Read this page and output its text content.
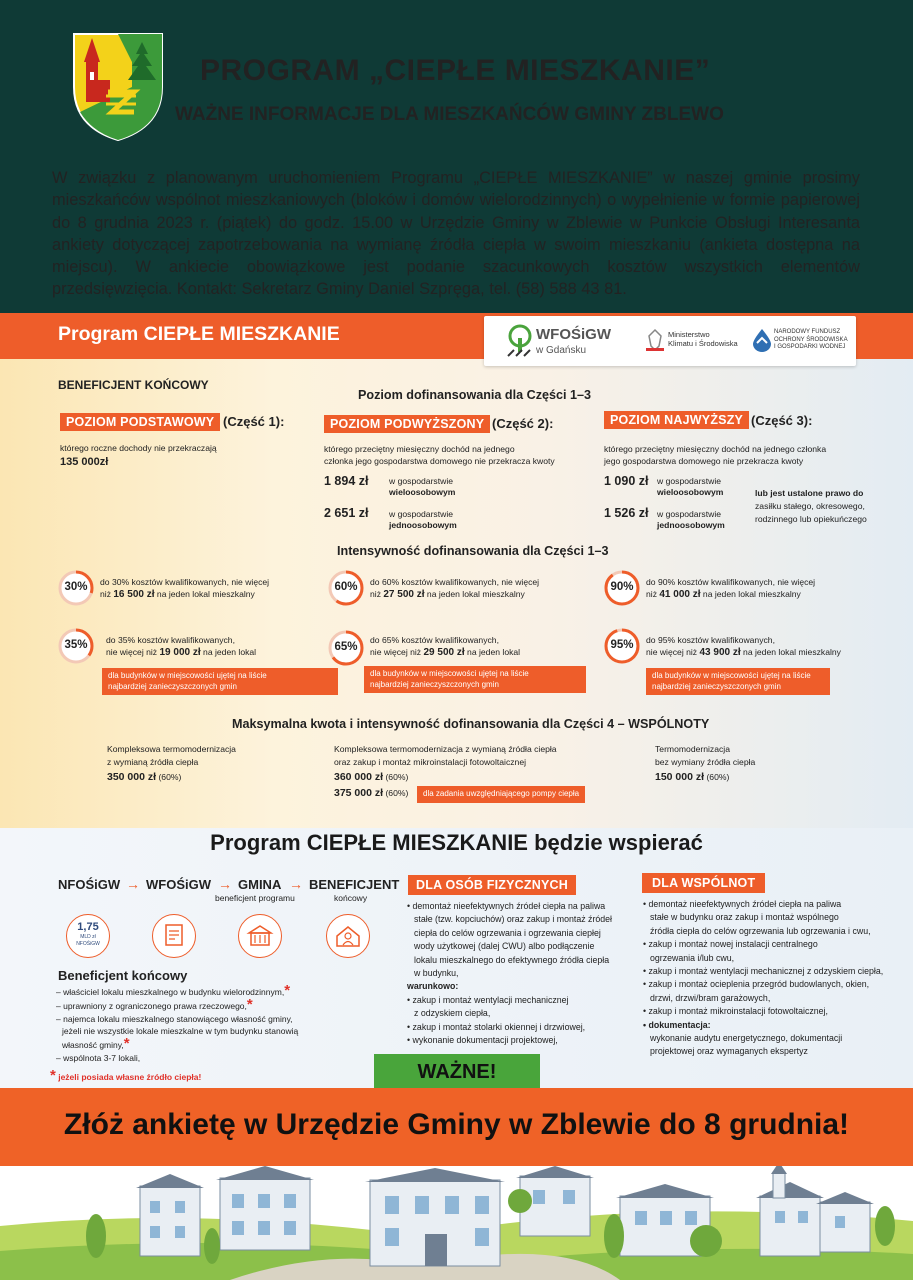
PROGRAM „CIEPŁE MIESZKANIE”
WAŻNE INFORMACJE DLA MIESZKAŃCÓW GMINY ZBLEWO
W związku z planowanym uruchomieniem Programu „CIEPŁE MIESZKANIE” w naszej gminie prosimy mieszkańców wspólnot mieszkaniowych (bloków i domów wielorodzinnych) o wypełnienie w formie papierowej do 8 grudnia 2023 r. (piątek) do godz. 15.00 w Urzędzie Gminy w Zblewie w Punkcie Obsługi Interesanta ankiety dotyczącej zapotrzebowania na wymianę źródła ciepła w swoim mieszkaniu (ankieta dostępna na miejscu). W ankiecie obowiązkowe jest podanie szacunkowych kosztów wszystkich elementów przedsięwzięcia. Kontakt: Sekretarz Gminy Daniel Szpręga, tel. (58) 588 43 81.
Program CIEPŁE MIESZKANIE	WFOŚiGW
w Gdańsku
Ministerstwo
Klimatu i Środowiska
NARODOWY FUNDUSZ
OCHRONY ŚRODOWISKA
I GOSPODARKI WODNEJ
BENEFICJENT KOŃCOWY
Poziom dofinansowania dla Części 1–3
POZIOM PODSTAWOWY (Część 1):
którego roczne dochody nie przekraczają
135 000zł
POZIOM PODWYŻSZONY (Część 2):
którego przeciętny miesięczny dochód na jednego
członka jego gospodarstwa domowego nie przekracza kwoty
1 894 zł w gospodarstwie
wieloosobowym
2 651 zł w gospodarstwie
jednoosobowym
POZIOM NAJWYŻSZY (Część 3):
którego przeciętny miesięczny dochód na jednego członka
jego gospodarstwa domowego nie przekracza kwoty
1 090 zł w gospodarstwie
wieloosobowym
1 526 zł w gospodarstwie
jednoosobowym
lub jest ustalone prawo do
zasiłku stałego, okresowego,
rodzinnego lub opiekuńczego
Intensywność dofinansowania dla Części 1–3
30%	do 30% kosztów kwalifikowanych, nie więcej
niż 16 500 zł na jeden lokal mieszkalny
60%	do 60% kosztów kwalifikowanych, nie więcej
niż 27 500 zł na jeden lokal mieszkalny
90%	do 90% kosztów kwalifikowanych, nie więcej
niż 41 000 zł na jeden lokal mieszkalny
35%	do 35% kosztów kwalifikowanych,
nie więcej niż 19 000 zł na jeden lokal
dla budynków w miejscowości ujętej na liście
najbardziej zanieczyszczonych gmin
65%
do 65% kosztów kwalifikowanych,
nie więcej niż 29 500 zł na jeden lokal
dla budynków w miejscowości ujętej na liście
najbardziej zanieczyszczonych gmin
95%	do 95% kosztów kwalifikowanych,
nie więcej niż 43 900 zł na jeden lokal mieszkalny
dla budynków w miejscowości ujętej na liście
najbardziej zanieczyszczonych gmin
Maksymalna kwota i intensywność dofinansowania dla Części 4 – WSPÓLNOTY
Kompleksowa termomodernizacja
z wymianą źródła ciepła
350 000 zł (60%)
Kompleksowa termomodernizacja z wymianą źródła ciepła
oraz zakup i montaż mikroinstalacji fotowoltaicznej
360 000 zł (60%)
375 000 zł (60%)	dla zadania uwzględniającego pompy ciepła
Termomodernizacja
bez wymiany źródła ciepła
150 000 zł (60%)
Program CIEPŁE MIESZKANIE będzie wspierać
NFOŚiGW → WFOŚiGW → GMINA → BENEFICJENT
beneficjent programu	końcowy
1,75
MLD zł
NFOŚiGW
Beneficjent końcowy

– właściciel lokalu mieszkalnego w budynku wielorodzinnym,*

– uprawniony z ograniczonego prawa rzeczowego,*

– najemca lokalu mieszkalnego stanowiącego własność gminy,

jeżeli nie wszystkie lokale mieszkalne w tym budynku stanowią

własność gminy,*

– wspólnota 3-7 lokali,

* jeżeli posiada własne źródło ciepła!
DLA OSÓB FIZYCZNYCH

• demontaż nieefektywnych źródeł ciepła na paliwa

stałe (tzw. kopciuchów) oraz zakup i montaż źródeł

ciepła do celów ogrzewania i ogrzewania ciepłej

wody użytkowej (dalej CWU) albo podłączenie

lokalu mieszkalnego do efektywnego źródła ciepła

w budynku,

warunkowo:

• zakup i montaż wentylacji mechanicznej

z odzyskiem ciepła,

• zakup i montaż stolarki okiennej i drzwiowej,

• wykonanie dokumentacji projektowej,

DLA WSPÓLNOT

• demontaż nieefektywnych źródeł ciepła na paliwa

stałe w budynku oraz zakup i montaż wspólnego

źródła ciepła do celów ogrzewania lub ogrzewania i cwu,

• zakup i montaż nowej instalacji centralnego

ogrzewania i/lub cwu,

• zakup i montaż wentylacji mechanicznej z odzyskiem ciepła,

• zakup i montaż ocieplenia przegród budowlanych, okien,

drzwi, drzwi/bram garażowych,

• zakup i montaż mikroinstalacji fotowoltaicznej,

• dokumentacja:

wykonanie audytu energetycznego, dokumentacji

projektowej oraz wymaganych ekspertyz

WAŻNE!
Złóż ankietę w Urzędzie Gminy w Zblewie do 8 grudnia!
